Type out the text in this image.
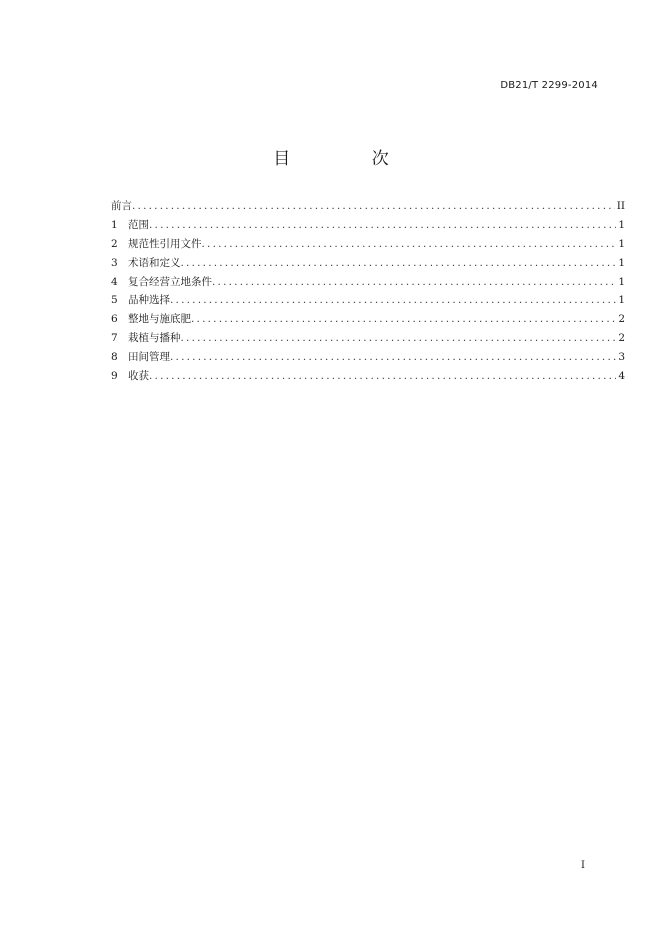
DB21/T 2299-2014
目 次
前言 .....	II
1 范围 .....	1
2 规范性引用文件 .....	1
3 术语和定义 .....	1
4 复合经营立地条件 .....	1
5 品种选择 .....	1
6 整地与施底肥 .....	2
7 栽植与播种 .....	2
8 田间管理 .....	3
9 收获 .....	4
I
